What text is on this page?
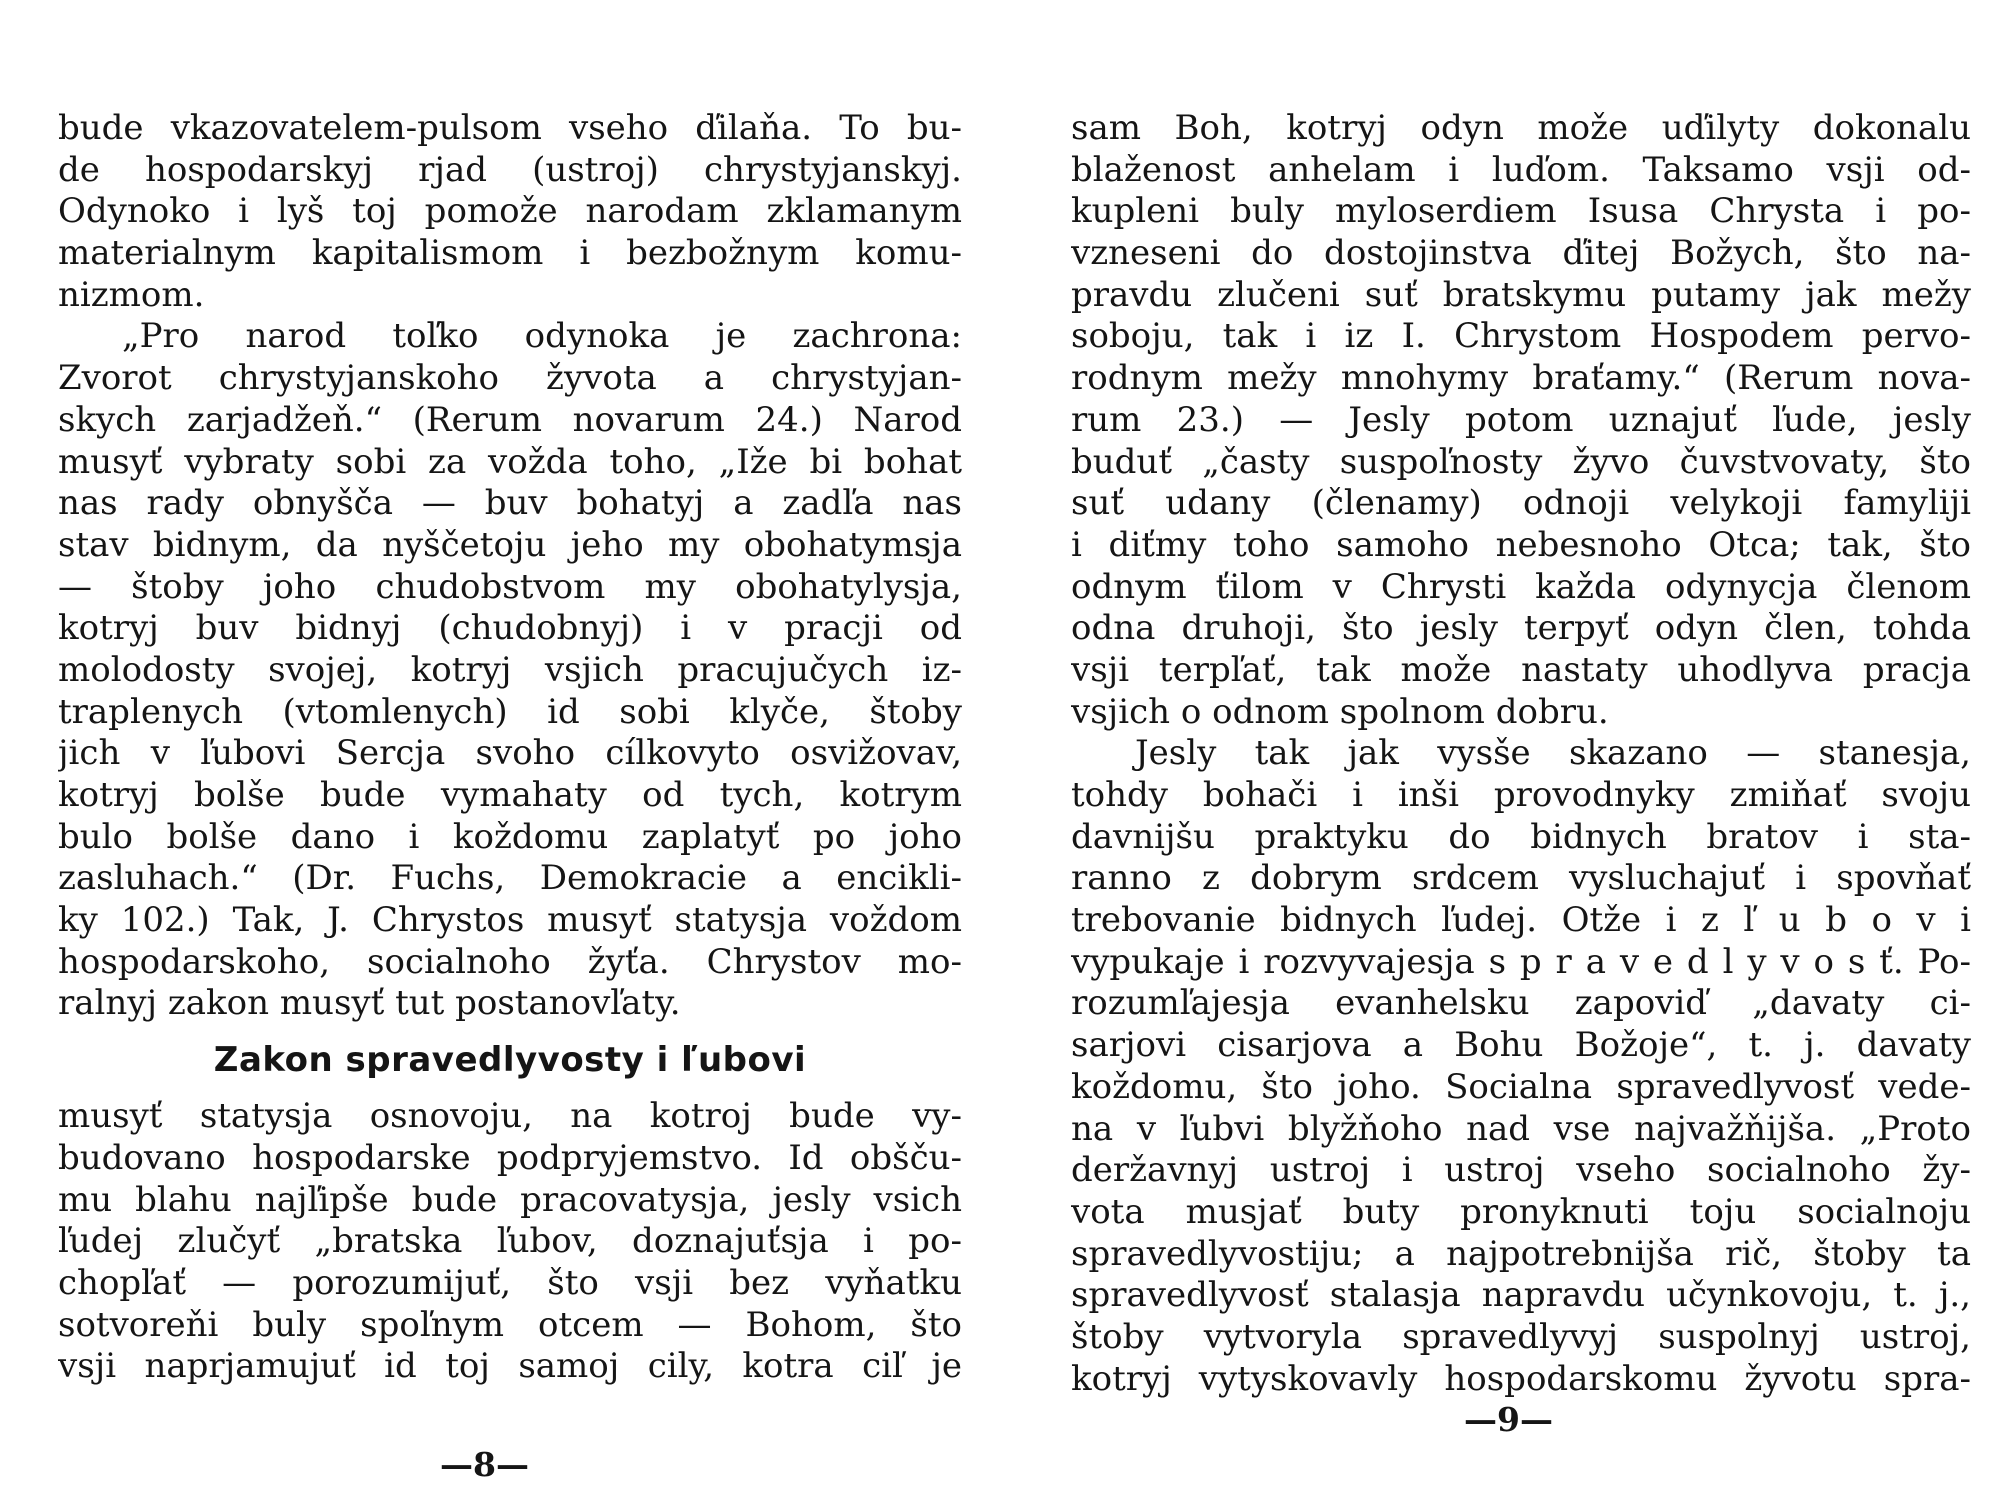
bude vkazovatelem-pulsom vseho ďilaňa. To bu-
de hospodarskyj rjad (ustroj) chrystyjanskyj.
Odynoko i lyš toj pomože narodam zklamanym
materialnym kapitalismom i bezbožnym komu-
nizmom.
„Pro narod toľko odynoka je zachrona:
Zvorot chrystyjanskoho žyvota a chrystyjan-
skych zarjadžeň.“ (Rerum novarum 24.) Narod
musyť vybraty sobi za vožda toho, „Iže bi bohat
nas rady obnyšča — buv bohatyj a zadľa nas
stav bidnym, da nyščetoju jeho my obohatymsja
— štoby joho chudobstvom my obohatylysja,
kotryj buv bidnyj (chudobnyj) i v pracji od
molodosty svojej, kotryj vsjich pracujučych iz-
traplenych (vtomlenych) id sobi klyče, štoby
jich v ľubovi Sercja svoho cílkovyto osvižovav,
kotryj bolše bude vymahaty od tych, kotrym
bulo bolše dano i koždomu zaplatyť po joho
zasluhach.“ (Dr. Fuchs, Demokracie a encikli-
ky 102.) Tak, J. Chrystos musyť statysja voždom
hospodarskoho, socialnoho žyťa. Chrystov mo-
ralnyj zakon musyť tut postanovľaty.
Zakon spravedlyvosty i ľubovi
musyť statysja osnovoju, na kotroj bude vy-
budovano hospodarske podpryjemstvo. Id obšču-
mu blahu najľipše bude pracovatysja, jesly vsich
ľudej zlučyť „bratska ľubov, doznajuťsja i po-
chopľať — porozumijuť, što vsji bez vyňatku
sotvoreňi buly spoľnym otcem — Bohom, što
vsji naprjamujuť id toj samoj cily, kotra ciľ je
—8—
sam Boh, kotryj odyn može uďilyty dokonalu
blaženost anhelam i luďom. Taksamo vsji od-
kupleni buly myloserdiem Isusa Chrysta i po-
vzneseni do dostojinstva ďitej Božych, što na-
pravdu zlučeni suť bratskymu putamy jak mežy
soboju, tak i iz I. Chrystom Hospodem pervo-
rodnym mežy mnohymy braťamy.“ (Rerum nova-
rum 23.) — Jesly potom uznajuť ľude, jesly
buduť „časty suspoľnosty žyvo čuvstvovaty, što
suť udany (členamy) odnoji velykoji famyliji
i diťmy toho samoho nebesnoho Otca; tak, što
odnym ťilom v Chrysti každa odynycja členom
odna druhoji, što jesly terpyť odyn člen, tohda
vsji terpľať, tak može nastaty uhodlyva pracja
vsjich o odnom spolnom dobru.
Jesly tak jak vysše skazano — stanesja,
tohdy bohači i inši provodnyky zmiňať svoju
davnijšu praktyku do bidnych bratov i sta-
ranno z dobrym srdcem vysluchajuť i spovňať
trebovanie bidnych ľudej. Otže i z ľ u b o v i
vypukaje i rozvyvajesja s p r a v e d l y v o s ť. Po-
rozumľajesja evanhelsku zapoviď „davaty ci-
sarjovi cisarjova a Bohu Božoje“, t. j. davaty
koždomu, što joho. Socialna spravedlyvosť vede-
na v ľubvi blyžňoho nad vse najvažňijša. „Proto
deržavnyj ustroj i ustroj vseho socialnoho žy-
vota musjať buty pronyknuti toju socialnoju
spravedlyvostiju; a najpotrebnijša rič, štoby ta
spravedlyvosť stalasja napravdu učynkovoju, t. j.,
štoby vytvoryla spravedlyvyj suspolnyj ustroj,
kotryj vytyskovavly hospodarskomu žyvotu spra-
—9—
